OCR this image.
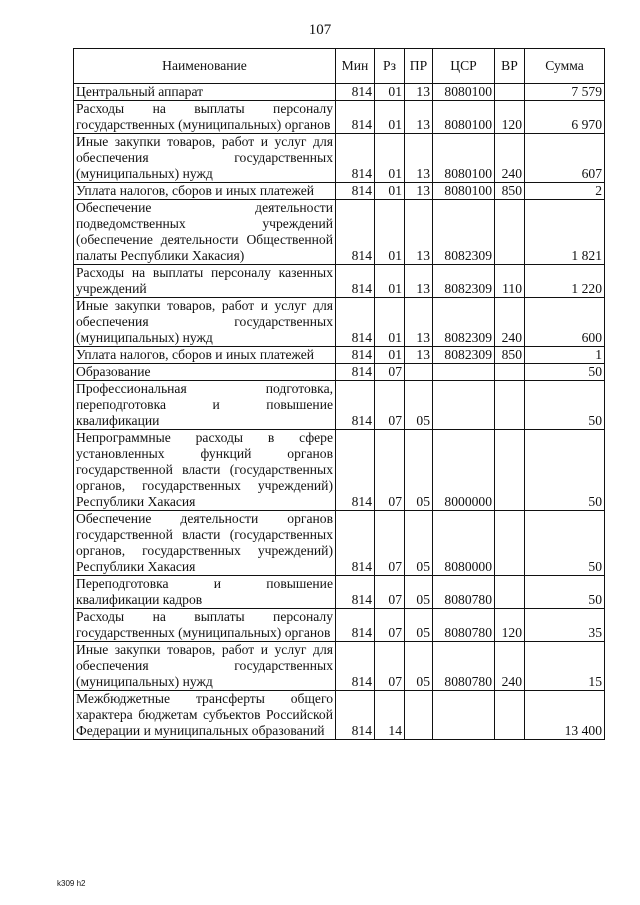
107
Наименование	Мин	Рз	ПР	ЦСР	ВР	Сумма
Центральный аппарат	814	01	13	8080100		7 579
Расходы на выплаты персоналу государственных (муниципальных) органов	814	01	13	8080100	120	6 970
Иные закупки товаров, работ и услуг для обеспечения государственных (муниципальных) нужд	814	01	13	8080100	240	607
Уплата налогов, сборов и иных платежей	814	01	13	8080100	850	2
Обеспечение деятельности подведомственных учреждений (обеспечение деятельности Общественной палаты Республики Хакасия)	814	01	13	8082309		1 821
Расходы на выплаты персоналу казенных учреждений	814	01	13	8082309	110	1 220
Иные закупки товаров, работ и услуг для обеспечения государственных (муниципальных) нужд	814	01	13	8082309	240	600
Уплата налогов, сборов и иных платежей	814	01	13	8082309	850	1
Образование	814	07				50
Профессиональная подготовка, переподготовка и повышение квалификации	814	07	05			50
Непрограммные расходы в сфере установленных функций органов государственной власти (государственных органов, государственных учреждений) Республики Хакасия	814	07	05	8000000		50
Обеспечение деятельности органов государственной власти (государственных органов, государственных учреждений) Республики Хакасия	814	07	05	8080000		50
Переподготовка и повышение квалификации кадров	814	07	05	8080780		50
Расходы на выплаты персоналу государственных (муниципальных) органов	814	07	05	8080780	120	35
Иные закупки товаров, работ и услуг для обеспечения государственных (муниципальных) нужд	814	07	05	8080780	240	15
Межбюджетные трансферты общего характера бюджетам субъектов Российской Федерации и муниципальных образований	814	14				13 400
k309 h2
